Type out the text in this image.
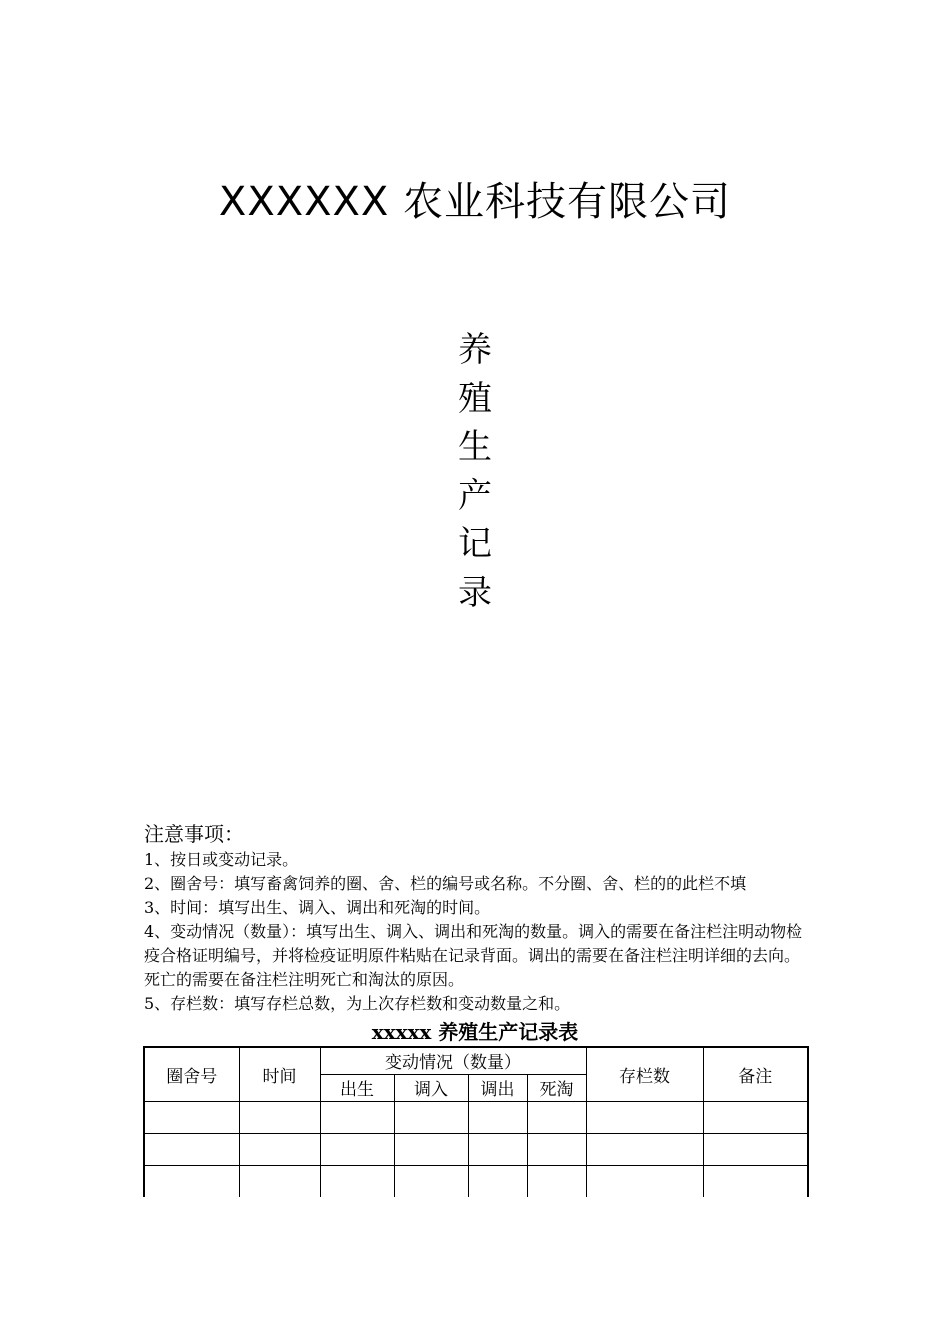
XXXXXX 农业科技有限公司
养
殖
生
产
记
录
注意事项：

1、按日或变动记录。

2、圈舍号：填写畜禽饲养的圈、舍、栏的编号或名称。不分圈、舍、栏的的此栏不填

3、时间：填写出生、调入、调出和死淘的时间。

4、变动情况（数量）：填写出生、调入、调出和死淘的数量。调入的需要在备注栏注明动物检疫合格证明编号，并将检疫证明原件粘贴在记录背面。调出的需要在备注栏注明详细的去向。死亡的需要在备注栏注明死亡和淘汰的原因。

5、存栏数：填写存栏总数，为上次存栏数和变动数量之和。

xxxxx 养殖生产记录表
圈舍号	时间	变动情况（数量）				存栏数	备注
		出生	调入	调出	死淘		
